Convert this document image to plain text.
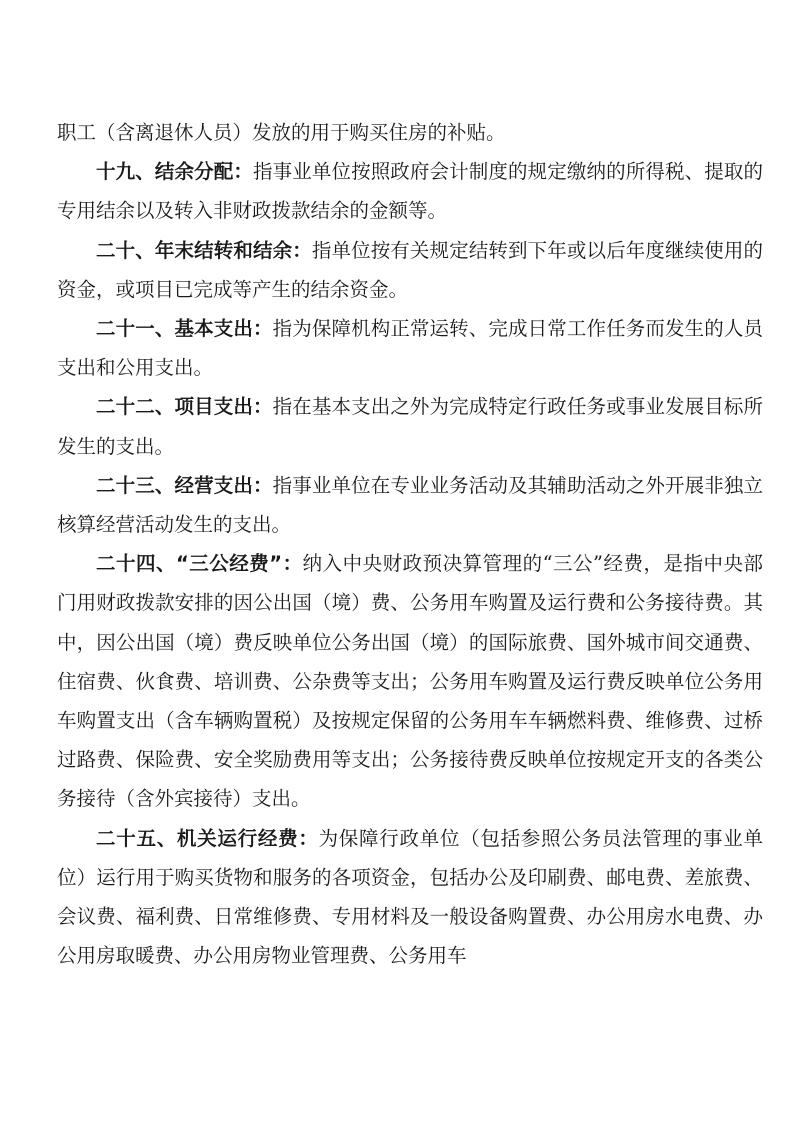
职工（含离退休人员）发放的用于购买住房的补贴。

十九、结余分配：指事业单位按照政府会计制度的规定缴纳的所得税、提取的专用结余以及转入非财政拨款结余的金额等。

二十、年末结转和结余：指单位按有关规定结转到下年或以后年度继续使用的资金，或项目已完成等产生的结余资金。

二十一、基本支出：指为保障机构正常运转、完成日常工作任务而发生的人员支出和公用支出。

二十二、项目支出：指在基本支出之外为完成特定行政任务或事业发展目标所发生的支出。

二十三、经营支出：指事业单位在专业业务活动及其辅助活动之外开展非独立核算经营活动发生的支出。

二十四、“三公经费”：纳入中央财政预决算管理的“三公”经费，是指中央部门用财政拨款安排的因公出国（境）费、公务用车购置及运行费和公务接待费。其中，因公出国（境）费反映单位公务出国（境）的国际旅费、国外城市间交通费、住宿费、伙食费、培训费、公杂费等支出；公务用车购置及运行费反映单位公务用车购置支出（含车辆购置税）及按规定保留的公务用车车辆燃料费、维修费、过桥过路费、保险费、安全奖励费用等支出；公务接待费反映单位按规定开支的各类公务接待（含外宾接待）支出。

二十五、机关运行经费：为保障行政单位（包括参照公务员法管理的事业单位）运行用于购买货物和服务的各项资金，包括办公及印刷费、邮电费、差旅费、会议费、福利费、日常维修费、专用材料及一般设备购置费、办公用房水电费、办公用房取暖费、办公用房物业管理费、公务用车
